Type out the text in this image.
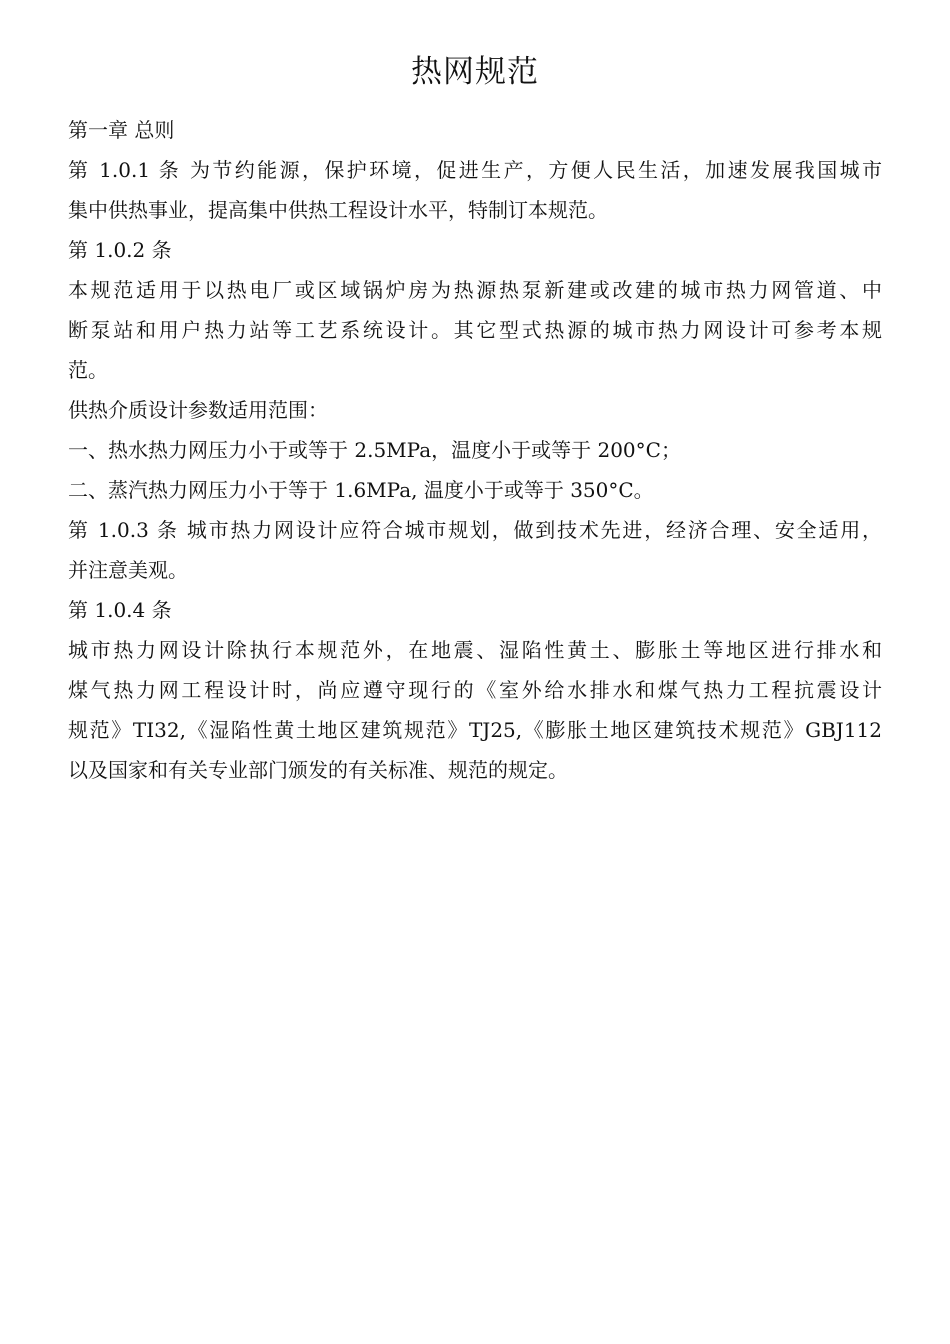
热网规范
第一章 总则
第 1.0.1 条 为节约能源，保护环境，促进生产，方便人民生活，加速发展我国城市
集中供热事业，提高集中供热工程设计水平，特制订本规范。
第 1.0.2 条
本规范适用于以热电厂或区域锅炉房为热源热泵新建或改建的城市热力网管道、中
断泵站和用户热力站等工艺系统设计。其它型式热源的城市热力网设计可参考本规
范。
供热介质设计参数适用范围：
一、热水热力网压力小于或等于 2.5MPa，温度小于或等于 200°C；
二、蒸汽热力网压力小于等于 1.6MPa, 温度小于或等于 350°C。
第 1.0.3 条 城市热力网设计应符合城市规划，做到技术先进，经济合理、安全适用，
并注意美观。
第 1.0.4 条
城市热力网设计除执行本规范外，在地震、湿陷性黄土、膨胀土等地区进行排水和
煤气热力网工程设计时，尚应遵守现行的《室外给水排水和煤气热力工程抗震设计
规范》TI32,《湿陷性黄土地区建筑规范》TJ25,《膨胀土地区建筑技术规范》GBJ112
以及国家和有关专业部门颁发的有关标准、规范的规定。
